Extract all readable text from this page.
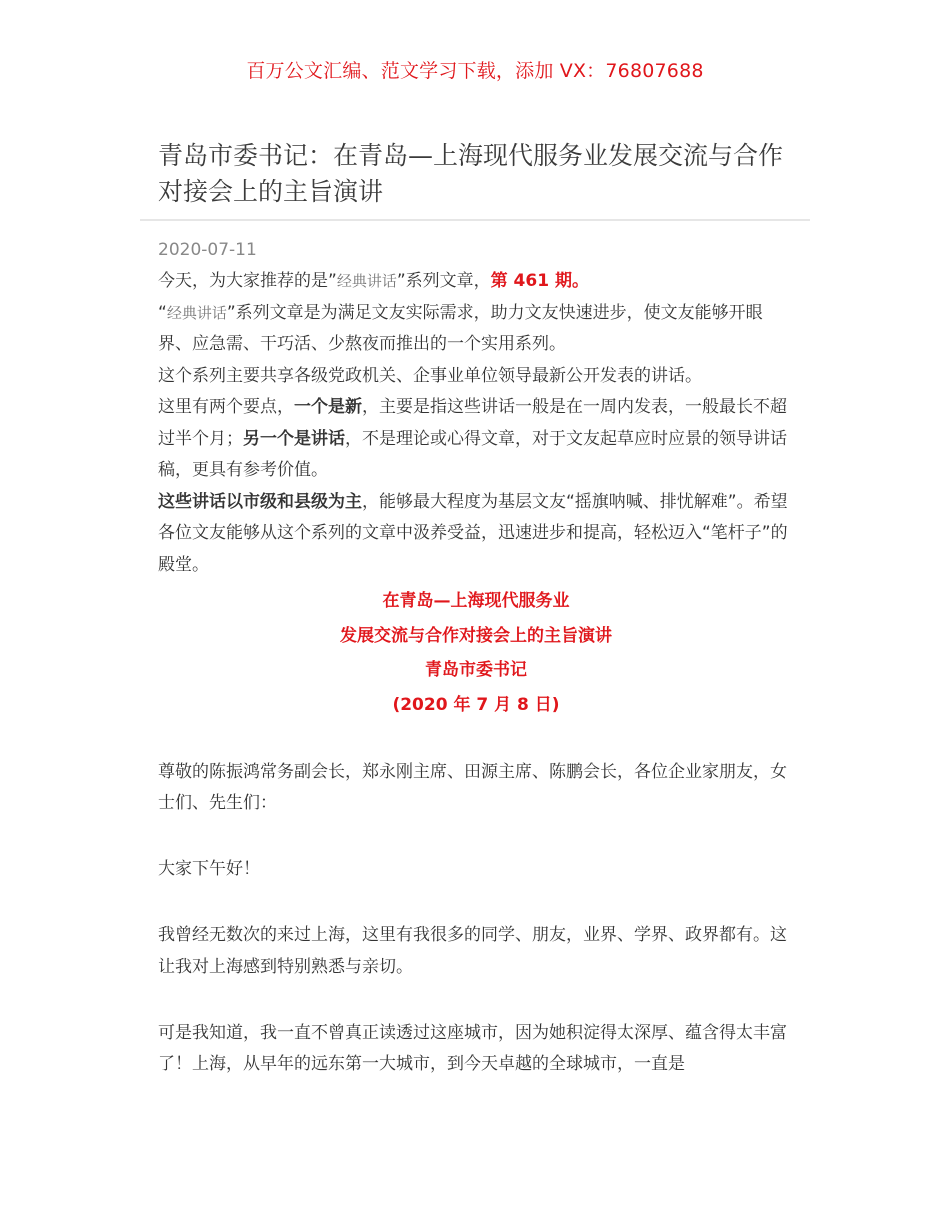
百万公文汇编、范文学习下载，添加 VX：76807688
青岛市委书记：在青岛—上海现代服务业发展交流与合作对接会上的主旨演讲
2020-07-11

今天，为大家推荐的是”经典讲话”系列文章，第 461 期。

“经典讲话”系列文章是为满足文友实际需求，助力文友快速进步，使文友能够开眼界、应急需、干巧活、少熬夜而推出的一个实用系列。

这个系列主要共享各级党政机关、企事业单位领导最新公开发表的讲话。

这里有两个要点，一个是新，主要是指这些讲话一般是在一周内发表，一般最长不超过半个月；另一个是讲话，不是理论或心得文章，对于文友起草应时应景的领导讲话稿，更具有参考价值。

这些讲话以市级和县级为主，能够最大程度为基层文友“摇旗呐喊、排忧解难”。希望各位文友能够从这个系列的文章中汲养受益，迅速进步和提高，轻松迈入“笔杆子”的殿堂。

在青岛—上海现代服务业
发展交流与合作对接会上的主旨演讲
青岛市委书记
(2020 年 7 月 8 日)

尊敬的陈振鸿常务副会长，郑永刚主席、田源主席、陈鹏会长，各位企业家朋友，女士们、先生们：

大家下午好！

我曾经无数次的来过上海，这里有我很多的同学、朋友，业界、学界、政界都有。这让我对上海感到特别熟悉与亲切。

可是我知道，我一直不曾真正读透过这座城市，因为她积淀得太深厚、蕴含得太丰富了！上海，从早年的远东第一大城市，到今天卓越的全球城市，一直是
